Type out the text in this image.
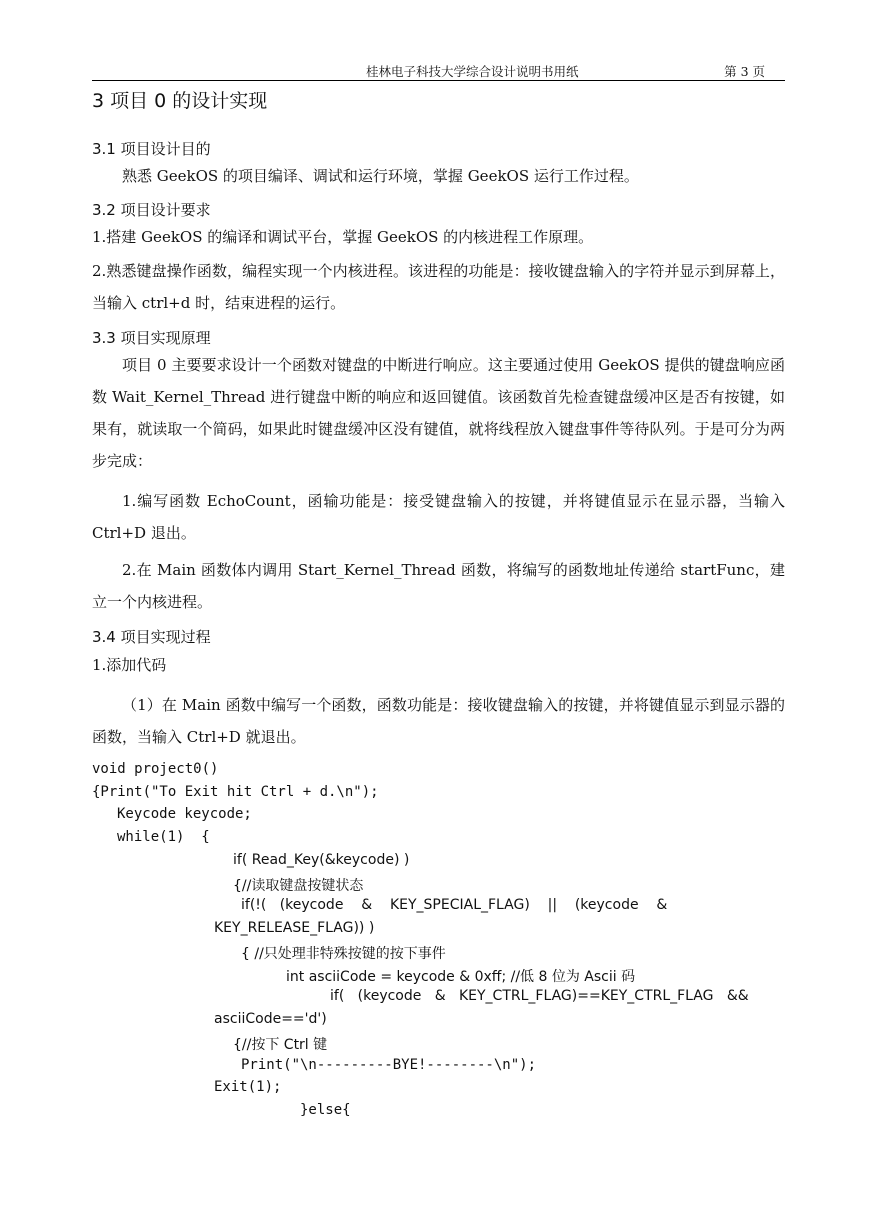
桂林电子科技大学综合设计说明书用纸	第 3 页
3 项目 0 的设计实现
3.1 项目设计目的
熟悉 GeekOS 的项目编译、调试和运行环境，掌握 GeekOS 运行工作过程。
3.2 项目设计要求
1.搭建 GeekOS 的编译和调试平台，掌握 GeekOS 的内核进程工作原理。
2.熟悉键盘操作函数，编程实现一个内核进程。该进程的功能是：接收键盘输入的字符并显示到屏幕上，当输入 ctrl+d 时，结束进程的运行。
3.3 项目实现原理
项目 0 主要要求设计一个函数对键盘的中断进行响应。这主要通过使用 GeekOS 提供的键盘响应函数 Wait_Kernel_Thread 进行键盘中断的响应和返回键值。该函数首先检查键盘缓冲区是否有按键，如果有，就读取一个简码，如果此时键盘缓冲区没有键值，就将线程放入键盘事件等待队列。于是可分为两步完成：
1.编写函数 EchoCount，函输功能是：接受键盘输入的按键，并将键值显示在显示器，当输入 Ctrl+D 退出。
2.在 Main 函数体内调用 Start_Kernel_Thread 函数，将编写的函数地址传递给 startFunc，建立一个内核进程。
3.4 项目实现过程
1.添加代码
（1）在 Main 函数中编写一个函数，函数功能是：接收键盘输入的按键，并将键值显示到显示器的函数，当输入 Ctrl+D 就退出。
void project0()
{Print("To Exit hit Ctrl + d.\n");
Keycode keycode;
while(1)  {
if( Read_Key(&keycode) )
{//读取键盘按键状态
if(!(   (keycode    &    KEY_SPECIAL_FLAG)    ||    (keycode    &
KEY_RELEASE_FLAG)) )
{ //只处理非特殊按键的按下事件
int asciiCode = keycode & 0xff; //低 8 位为 Ascii 码
if(   (keycode   &   KEY_CTRL_FLAG)==KEY_CTRL_FLAG   &&
asciiCode=='d')
{//按下 Ctrl 键
Print("\n---------BYE!--------\n");
Exit(1);
}else{
